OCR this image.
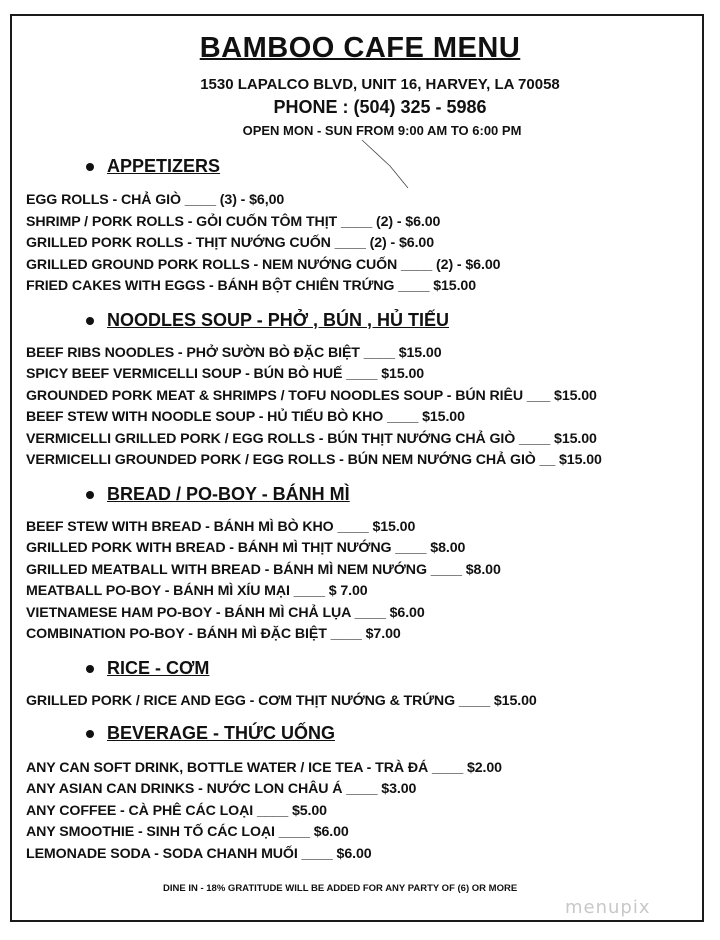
BAMBOO CAFE MENU
1530 LAPALCO BLVD, UNIT 16, HARVEY, LA 70058
PHONE : (504) 325 - 5986
OPEN MON - SUN FROM 9:00 AM TO 6:00 PM
APPETIZERS
EGG ROLLS - CHẢ GIÒ ____ (3) - $6,00
SHRIMP / PORK ROLLS - GỎI CUỐN TÔM THỊT ____ (2) - $6.00
GRILLED PORK ROLLS - THỊT NƯỚNG CUỐN ____ (2) - $6.00
GRILLED GROUND PORK ROLLS - NEM NƯỚNG CUỐN ____ (2) - $6.00
FRIED CAKES WITH EGGS - BÁNH BỘT CHIÊN TRỨNG ____ $15.00
NOODLES SOUP - PHỞ , BÚN , HỦ TIẾU
BEEF RIBS NOODLES - PHỞ SƯỜN BÒ ĐẶC BIỆT ____ $15.00
SPICY BEEF VERMICELLI SOUP - BÚN BÒ HUẾ ____ $15.00
GROUNDED PORK MEAT & SHRIMPS / TOFU NOODLES SOUP - BÚN RIÊU ___ $15.00
BEEF STEW WITH NOODLE SOUP - HỦ TIẾU BÒ KHO ____ $15.00
VERMICELLI GRILLED PORK / EGG ROLLS - BÚN THỊT NƯỚNG CHẢ GIÒ ____ $15.00
VERMICELLI GROUNDED PORK / EGG ROLLS - BÚN NEM NƯỚNG CHẢ GIÒ __ $15.00
BREAD / PO-BOY - BÁNH MÌ
BEEF STEW WITH BREAD - BÁNH MÌ BÒ KHO ____ $15.00
GRILLED PORK WITH BREAD - BÁNH MÌ THỊT NƯỚNG ____ $8.00
GRILLED MEATBALL WITH BREAD - BÁNH MÌ NEM NƯỚNG ____ $8.00
MEATBALL PO-BOY - BÁNH MÌ XÍU MẠI ____ $ 7.00
VIETNAMESE HAM PO-BOY - BÁNH MÌ CHẢ LỤA ____ $6.00
COMBINATION PO-BOY - BÁNH MÌ ĐẶC BIỆT ____ $7.00
RICE - CƠM
GRILLED PORK / RICE AND EGG - CƠM THỊT NƯỚNG & TRỨNG ____ $15.00
BEVERAGE - THỨC UỐNG
ANY CAN SOFT DRINK, BOTTLE WATER / ICE TEA - TRÀ ĐÁ ____ $2.00
ANY ASIAN CAN DRINKS - NƯỚC LON CHÂU Á ____ $3.00
ANY COFFEE - CÀ PHÊ CÁC LOẠI ____ $5.00
ANY SMOOTHIE - SINH TỐ CÁC LOẠI ____ $6.00
LEMONADE SODA - SODA CHANH MUỐI ____ $6.00
DINE IN - 18% GRATITUDE WILL BE ADDED FOR ANY PARTY OF (6) OR MORE
menupix
